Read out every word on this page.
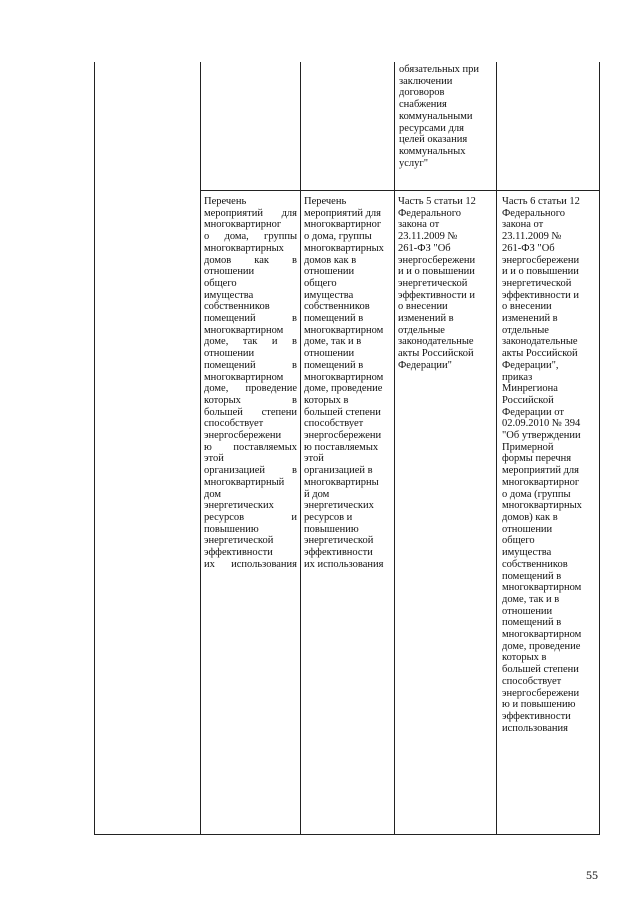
обязательных при
заключении
договоров
снабжения
коммунальными
ресурсами для
целей оказания
коммунальных
услуг"
Перечень
мероприятий для
многоквартирног
о дома, группы
многоквартирных
домов как в
отношении
общего
имущества
собственников
помещений в
многоквартирном
доме, так и в
отношении
помещений в
многоквартирном
доме, проведение
которых в
большей степени
способствует
энергосбережени
ю поставляемых
этой
организацией в
многоквартирный
дом
энергетических
ресурсов и
повышению
энергетической
эффективности
их использования
Перечень
мероприятий для
многоквартирног
о дома, группы
многоквартирных
домов как в
отношении
общего
имущества
собственников
помещений в
многоквартирном
доме, так и в
отношении
помещений в
многоквартирном
доме, проведение
которых в
большей степени
способствует
энергосбережени
ю поставляемых
этой
организацией в
многоквартирны
й дом
энергетических
ресурсов и
повышению
энергетической
эффективности
их использования
Часть 5 статьи 12
Федерального
закона от
23.11.2009 №
261-ФЗ "Об
энергосбережени
и и о повышении
энергетической
эффективности и
о внесении
изменений в
отдельные
законодательные
акты Российской
Федерации"
Часть 6 статьи 12
Федерального
закона от
23.11.2009 №
261-ФЗ "Об
энергосбережени
и и о повышении
энергетической
эффективности и
о внесении
изменений в
отдельные
законодательные
акты Российской
Федерации",
приказ
Минрегиона
Российской
Федерации от
02.09.2010 № 394
"Об утверждении
Примерной
формы перечня
мероприятий для
многоквартирног
о дома (группы
многоквартирных
домов) как в
отношении
общего
имущества
собственников
помещений в
многоквартирном
доме, так и в
отношении
помещений в
многоквартирном
доме, проведение
которых в
большей степени
способствует
энергосбережени
ю и повышению
эффективности
использования
55
